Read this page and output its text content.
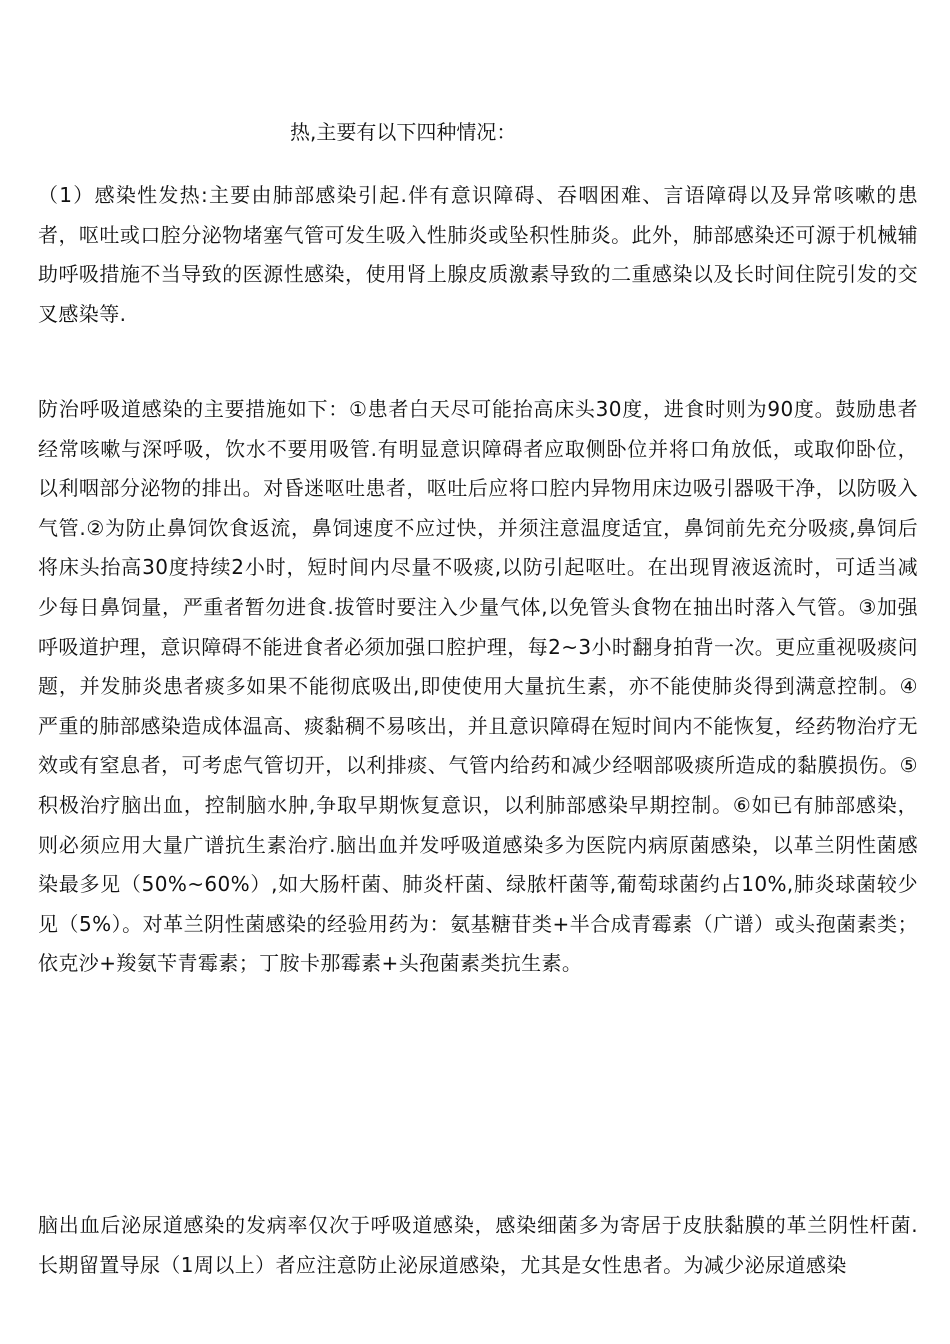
热,主要有以下四种情况：

（1）感染性发热:主要由肺部感染引起.伴有意识障碍、吞咽困难、言语障碍以及异常咳嗽的患者，呕吐或口腔分泌物堵塞气管可发生吸入性肺炎或坠积性肺炎。此外，肺部感染还可源于机械辅助呼吸措施不当导致的医源性感染，使用肾上腺皮质激素导致的二重感染以及长时间住院引发的交叉感染等.

防治呼吸道感染的主要措施如下：①患者白天尽可能抬高床头30度，进食时则为90度。鼓励患者经常咳嗽与深呼吸，饮水不要用吸管.有明显意识障碍者应取侧卧位并将口角放低，或取仰卧位，以利咽部分泌物的排出。对昏迷呕吐患者，呕吐后应将口腔内异物用床边吸引器吸干净，以防吸入气管.②为防止鼻饲饮食返流，鼻饲速度不应过快，并须注意温度适宜，鼻饲前先充分吸痰,鼻饲后将床头抬高30度持续2小时，短时间内尽量不吸痰,以防引起呕吐。在出现胃液返流时，可适当减少每日鼻饲量，严重者暂勿进食.拔管时要注入少量气体,以免管头食物在抽出时落入气管。③加强呼吸道护理，意识障碍不能进食者必须加强口腔护理，每2~3小时翻身拍背一次。更应重视吸痰问题，并发肺炎患者痰多如果不能彻底吸出,即使使用大量抗生素，亦不能使肺炎得到满意控制。④严重的肺部感染造成体温高、痰黏稠不易咳出，并且意识障碍在短时间内不能恢复，经药物治疗无效或有窒息者，可考虑气管切开，以利排痰、气管内给药和减少经咽部吸痰所造成的黏膜损伤。⑤积极治疗脑出血，控制脑水肿,争取早期恢复意识，以利肺部感染早期控制。⑥如已有肺部感染，则必须应用大量广谱抗生素治疗.脑出血并发呼吸道感染多为医院内病原菌感染，以革兰阴性菌感染最多见（50%~60%）,如大肠杆菌、肺炎杆菌、绿脓杆菌等,葡萄球菌约占10%,肺炎球菌较少见（5%）。对革兰阴性菌感染的经验用药为：氨基糖苷类+半合成青霉素（广谱）或头孢菌素类；依克沙+羧氨苄青霉素；丁胺卡那霉素+头孢菌素类抗生素。

脑出血后泌尿道感染的发病率仅次于呼吸道感染，感染细菌多为寄居于皮肤黏膜的革兰阴性杆菌.长期留置导尿（1周以上）者应注意防止泌尿道感染，尤其是女性患者。为减少泌尿道感染
